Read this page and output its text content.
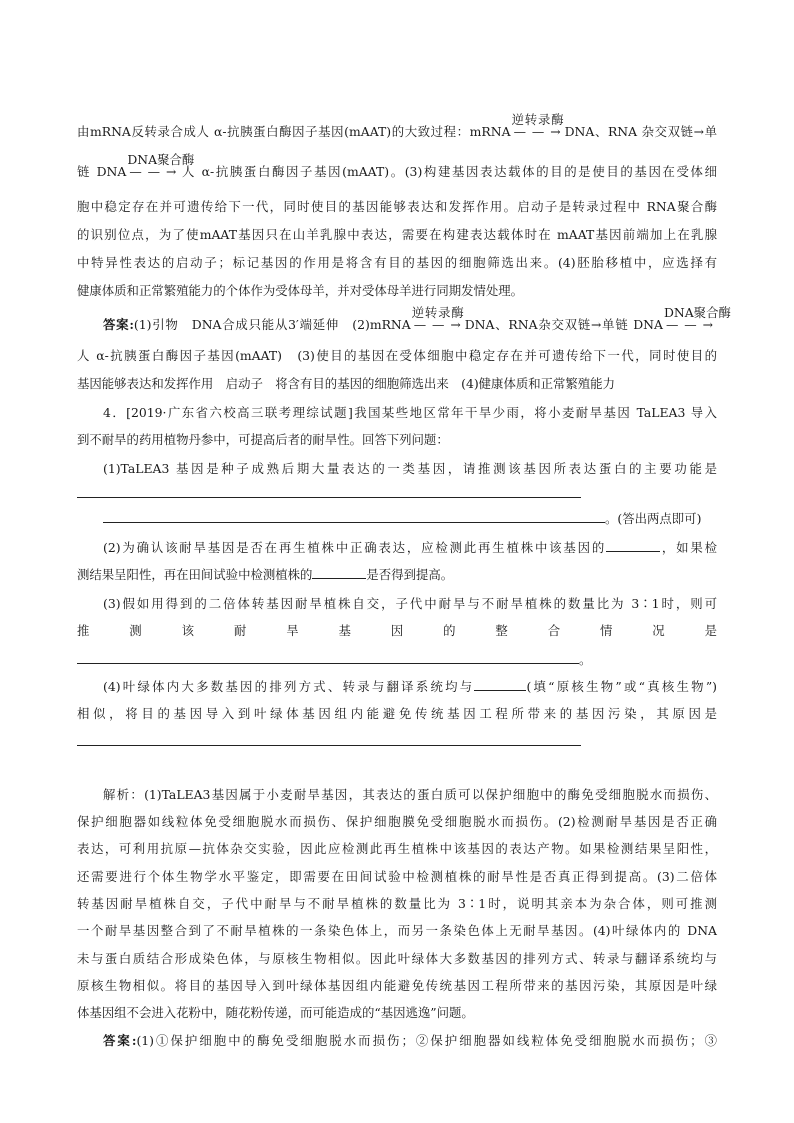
由mRNA反转录合成人 α-抗胰蛋白酶因子基因(mAAT)的大致过程：mRNA
逆转录酶
— — → DNA、RNA 杂交双链→单
链 DNA
DNA聚合酶
— — → 人 α-抗胰蛋白酶因子基因(mAAT)。(3)构建基因表达载体的目的是使目的基因在受体细
胞中稳定存在并可遗传给下一代，同时使目的基因能够表达和发挥作用。启动子是转录过程中 RNA聚合酶
的识别位点，为了使mAAT基因只在山羊乳腺中表达，需要在构建表达载体时在 mAAT基因前端加上在乳腺
中特异性表达的启动子；标记基因的作用是将含有目的基因的细胞筛选出来。(4)胚胎移植中，应选择有
健康体质和正常繁殖能力的个体作为受体母羊，并对受体母羊进行同期发情处理。
答案:(1)引物　DNA合成只能从3′端延伸　(2)mRNA
逆转录酶
— — → DNA、RNA杂交双链→单链 DNA
DNA聚合酶
— — →
人 α-抗胰蛋白酶因子基因(mAAT)　(3)使目的基因在受体细胞中稳定存在并可遗传给下一代，同时使目的
基因能够表达和发挥作用　启动子　将含有目的基因的细胞筛选出来　(4)健康体质和正常繁殖能力
4．[2019·广东省六校高三联考理综试题]我国某些地区常年干旱少雨，将小麦耐旱基因 TaLEA3 导入
到不耐旱的药用植物丹参中，可提高后者的耐旱性。回答下列问题：
(1)TaLEA3 基因是种子成熟后期大量表达的一类基因，请推测该基因所表达蛋白的主要功能是
。(答出两点即可)
(2)为确认该耐旱基因是否在再生植株中正确表达，应检测此再生植株中该基因的	，如果检
测结果呈阳性，再在田间试验中检测植株的	是否得到提高。
(3)假如用得到的二倍体转基因耐旱植株自交，子代中耐旱与不耐旱植株的数量比为 3∶1时，则可
推　测　该　耐　旱　基　因　的　整　合　情　况　是
。
(4)叶绿体内大多数基因的排列方式、转录与翻译系统均与	(填“原核生物”或“真核生物”)
相似，将目的基因导入到叶绿体基因组内能避免传统基因工程所带来的基因污染，其原因是
解析：(1)TaLEA3基因属于小麦耐旱基因，其表达的蛋白质可以保护细胞中的酶免受细胞脱水而损伤、
保护细胞器如线粒体免受细胞脱水而损伤、保护细胞膜免受细胞脱水而损伤。(2)检测耐旱基因是否正确
表达，可利用抗原—抗体杂交实验，因此应检测此再生植株中该基因的表达产物。如果检测结果呈阳性，
还需要进行个体生物学水平鉴定，即需要在田间试验中检测植株的耐旱性是否真正得到提高。(3)二倍体
转基因耐旱植株自交，子代中耐旱与不耐旱植株的数量比为 3∶1时，说明其亲本为杂合体，则可推测
一个耐旱基因整合到了不耐旱植株的一条染色体上，而另一条染色体上无耐旱基因。(4)叶绿体内的 DNA
未与蛋白质结合形成染色体，与原核生物相似。因此叶绿体大多数基因的排列方式、转录与翻译系统均与
原核生物相似。将目的基因导入到叶绿体基因组内能避免传统基因工程所带来的基因污染，其原因是叶绿
体基因组不会进入花粉中，随花粉传递，而可能造成的“基因逃逸”问题。
答案:(1)①保护细胞中的酶免受细胞脱水而损伤；②保护细胞器如线粒体免受细胞脱水而损伤；③
